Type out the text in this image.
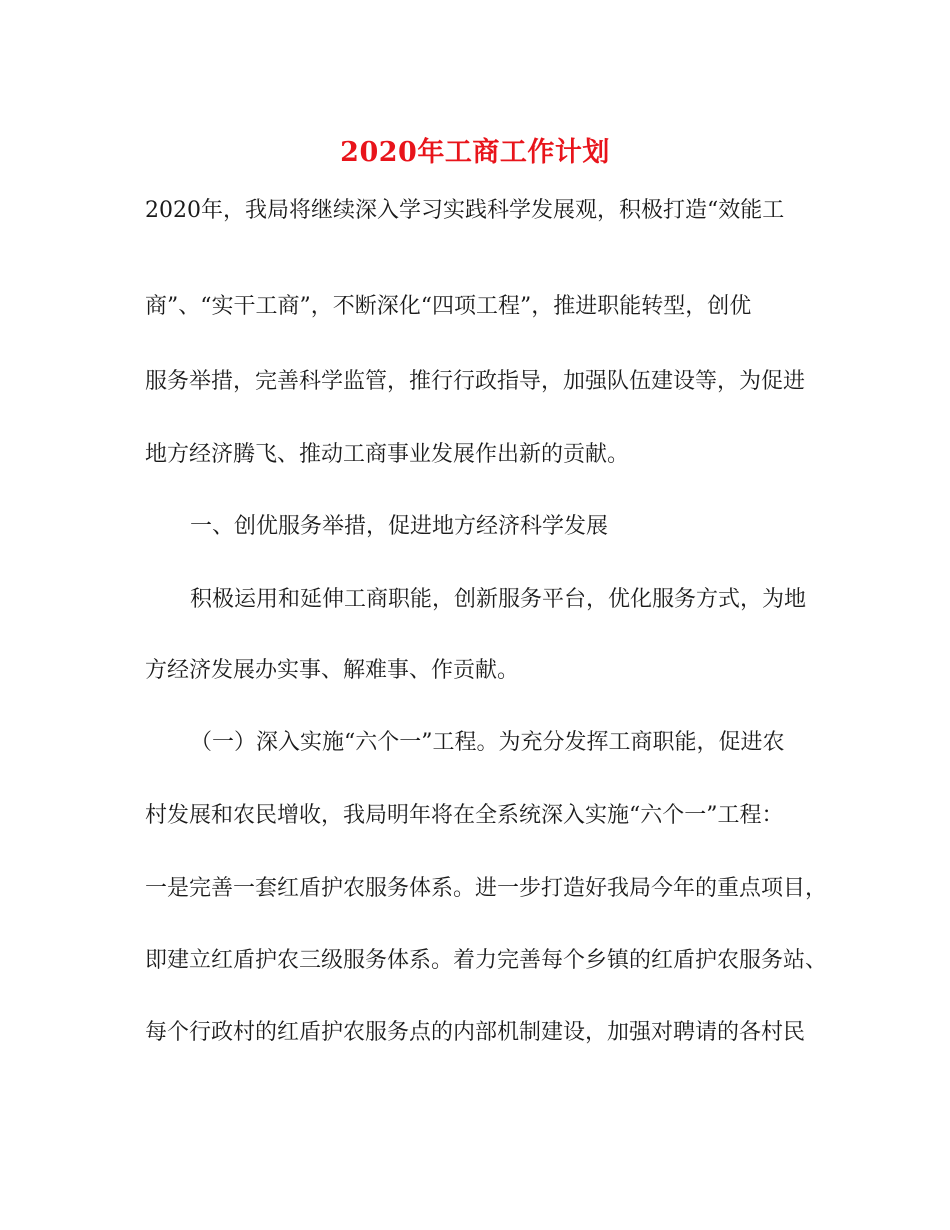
2020年工商工作计划
2020年，我局将继续深入学习实践科学发展观，积极打造“效能工
商”、“实干工商”，不断深化“四项工程”，推进职能转型，创优
服务举措，完善科学监管，推行行政指导，加强队伍建设等，为促进
地方经济腾飞、推动工商事业发展作出新的贡献。
一、创优服务举措，促进地方经济科学发展
积极运用和延伸工商职能，创新服务平台，优化服务方式，为地
方经济发展办实事、解难事、作贡献。
（一）深入实施“六个一”工程。为充分发挥工商职能，促进农
村发展和农民增收，我局明年将在全系统深入实施“六个一”工程：
一是完善一套红盾护农服务体系。进一步打造好我局今年的重点项目，
即建立红盾护农三级服务体系。着力完善每个乡镇的红盾护农服务站、
每个行政村的红盾护农服务点的内部机制建设，加强对聘请的各村民
